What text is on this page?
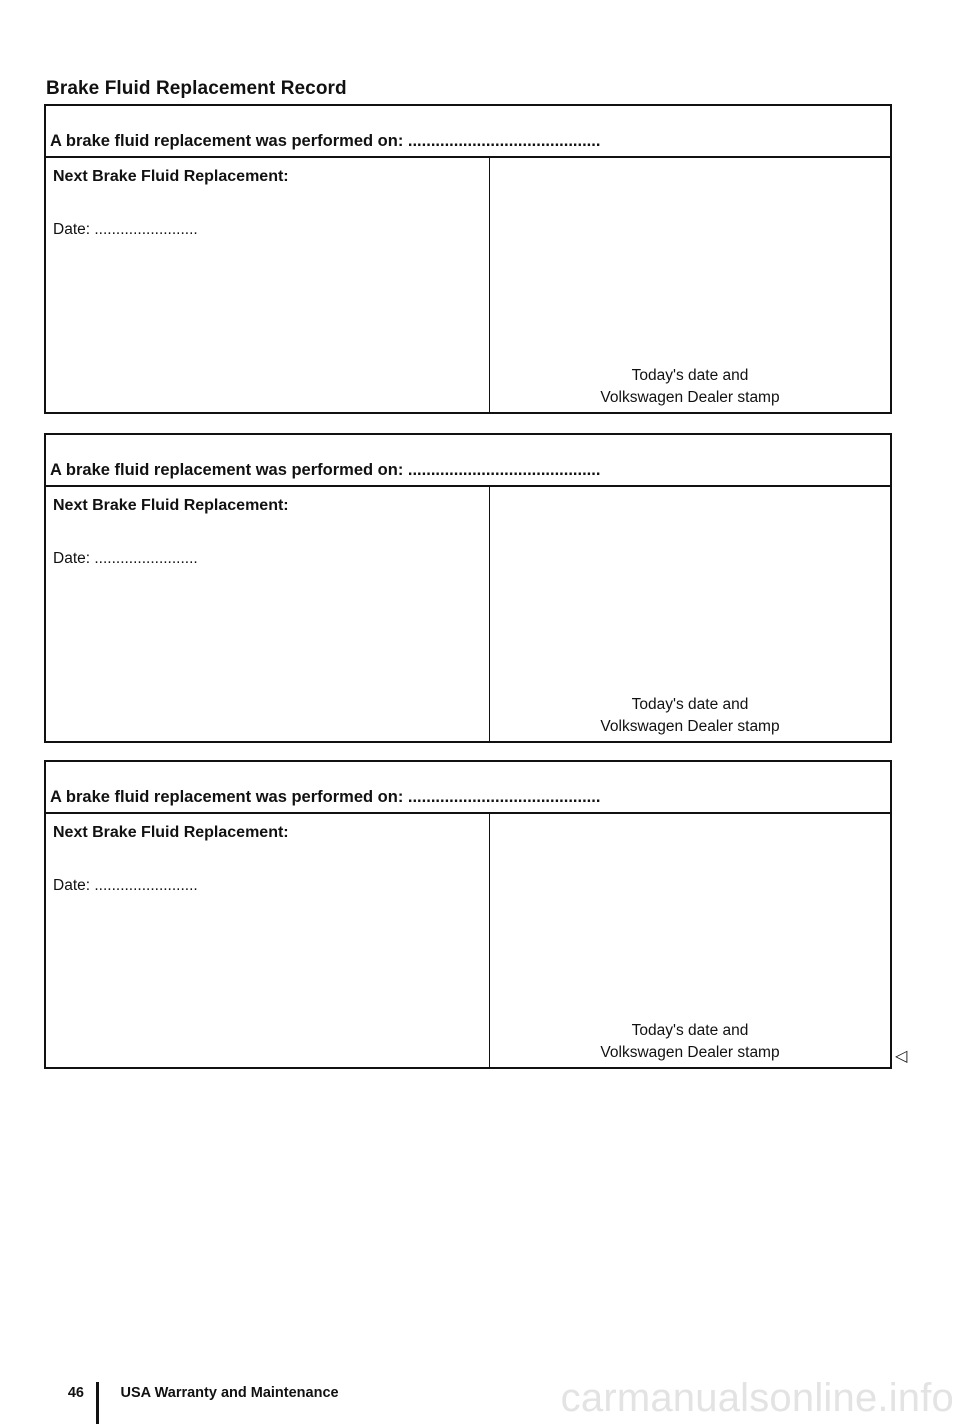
Brake Fluid Replacement Record
A brake fluid replacement was performed on: ..........................................
Next Brake Fluid Replacement:
Date: ........................
Today's date and
Volkswagen Dealer stamp
A brake fluid replacement was performed on: ..........................................
Next Brake Fluid Replacement:
Date: ........................
Today's date and
Volkswagen Dealer stamp
A brake fluid replacement was performed on: ..........................................
Next Brake Fluid Replacement:
Date: ........................
Today's date and
Volkswagen Dealer stamp	◁
46	USA Warranty and Maintenance	carmanualsonline.info
